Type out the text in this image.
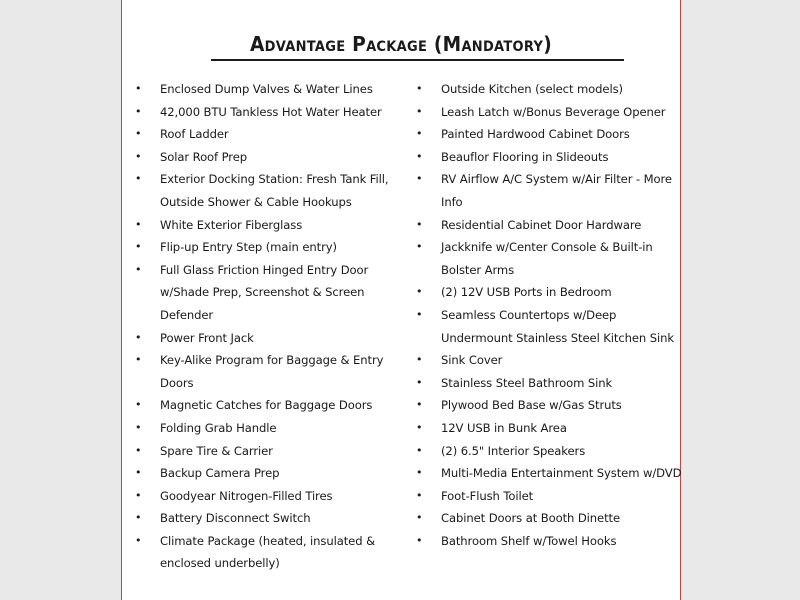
Advantage Package (Mandatory)
• Enclosed Dump Valves & Water Lines
• 42,000 BTU Tankless Hot Water Heater
• Roof Ladder
• Solar Roof Prep
• Exterior Docking Station: Fresh Tank Fill, Outside Shower & Cable Hookups
• White Exterior Fiberglass
• Flip-up Entry Step (main entry)
• Full Glass Friction Hinged Entry Door w/Shade Prep, Screenshot & Screen Defender
• Power Front Jack
• Key-Alike Program for Baggage & Entry Doors
• Magnetic Catches for Baggage Doors
• Folding Grab Handle
• Spare Tire & Carrier
• Backup Camera Prep
• Goodyear Nitrogen-Filled Tires
• Battery Disconnect Switch
• Climate Package (heated, insulated & enclosed underbelly)
• Outside Kitchen (select models)
• Leash Latch w/Bonus Beverage Opener
• Painted Hardwood Cabinet Doors
• Beauflor Flooring in Slideouts
• RV Airflow A/C System w/Air Filter - More Info
• Residential Cabinet Door Hardware
• Jackknife w/Center Console & Built-in Bolster Arms
• (2) 12V USB Ports in Bedroom
• Seamless Countertops w/Deep Undermount Stainless Steel Kitchen Sink
• Sink Cover
• Stainless Steel Bathroom Sink
• Plywood Bed Base w/Gas Struts
• 12V USB in Bunk Area
• (2) 6.5" Interior Speakers
• Multi-Media Entertainment System w/DVD
• Foot-Flush Toilet
• Cabinet Doors at Booth Dinette
• Bathroom Shelf w/Towel Hooks
